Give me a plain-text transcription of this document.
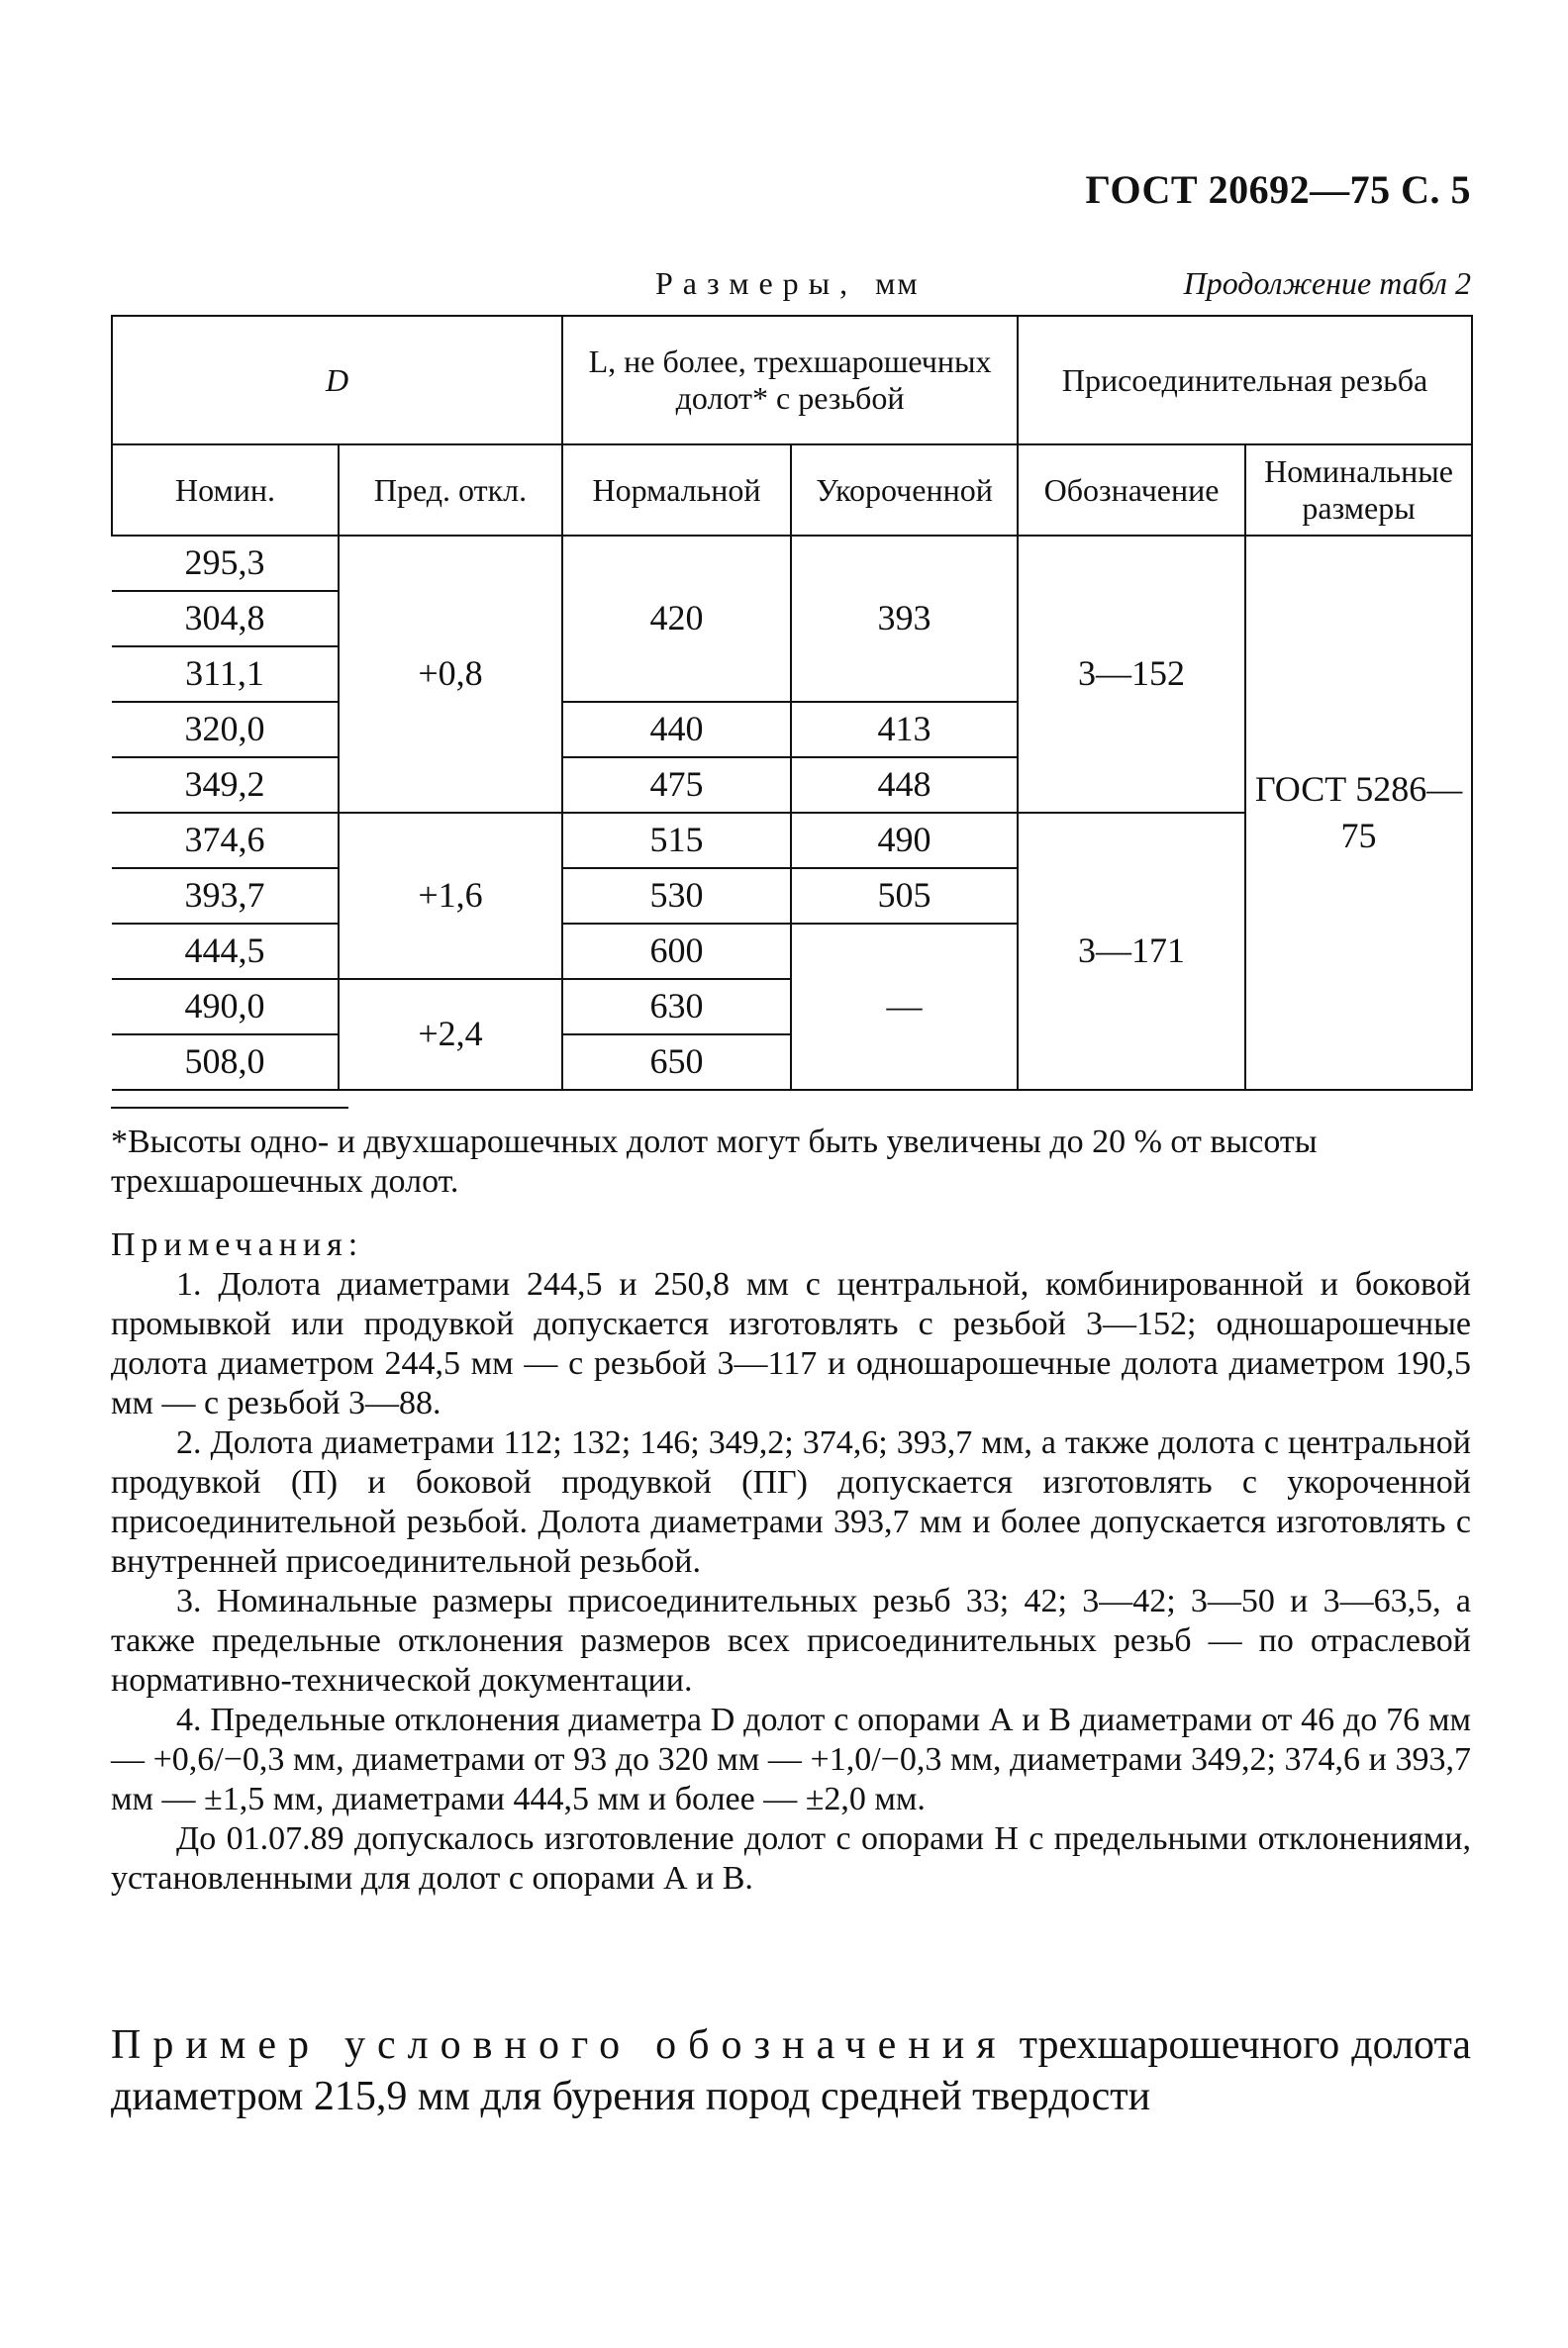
ГОСТ 20692—75 С. 5
Размеры, мм	Продолжение табл 2
D		L, не более, трехшарошечных долот* с резьбой		Присоединительная резьба	
Номин.	Пред. откл.	Нормальной	Укороченной	Обозначение	Номинальные размеры
295,3	+0,8	420	393	3—152	ГОСТ 5286—75
304,8					
311,1					
320,0		440	413		
349,2		475	448		
374,6	+1,6	515	490	3—171	
393,7		530	505		
444,5		600	—		
490,0	+2,4	630			
508,0		650			
*Высоты одно- и двухшарошечных долот могут быть увеличены до 20 % от высоты трехшарошечных долот.

Примечания:

1. Долота диаметрами 244,5 и 250,8 мм с центральной, комбинированной и боковой промывкой или продувкой допускается изготовлять с резьбой 3—152; одношарошечные долота диаметром 244,5 мм — с резьбой 3—117 и одношарошечные долота диаметром 190,5 мм — с резьбой 3—88.

2. Долота диаметрами 112; 132; 146; 349,2; 374,6; 393,7 мм, а также долота с центральной продувкой (П) и боковой продувкой (ПГ) допускается изготовлять с укороченной присоединительной резьбой. Долота диаметрами 393,7 мм и более допускается изготовлять с внутренней присоединительной резьбой.

3. Номинальные размеры присоединительных резьб 33; 42; 3—42; 3—50 и 3—63,5, а также предельные отклонения размеров всех присоединительных резьб — по отраслевой нормативно-технической документации.

4. Предельные отклонения диаметра D долот с опорами А и В диаметрами от 46 до 76 мм — +0,6/−0,3 мм, диаметрами от 93 до 320 мм — +1,0/−0,3 мм, диаметрами 349,2; 374,6 и 393,7 мм — ±1,5 мм, диаметрами 444,5 мм и более — ±2,0 мм.

До 01.07.89 допускалось изготовление долот с опорами Н с предельными отклонениями, установленными для долот с опорами А и В.

Пример условного обозначения трехшарошечного долота диаметром 215,9 мм для бурения пород средней твердости
